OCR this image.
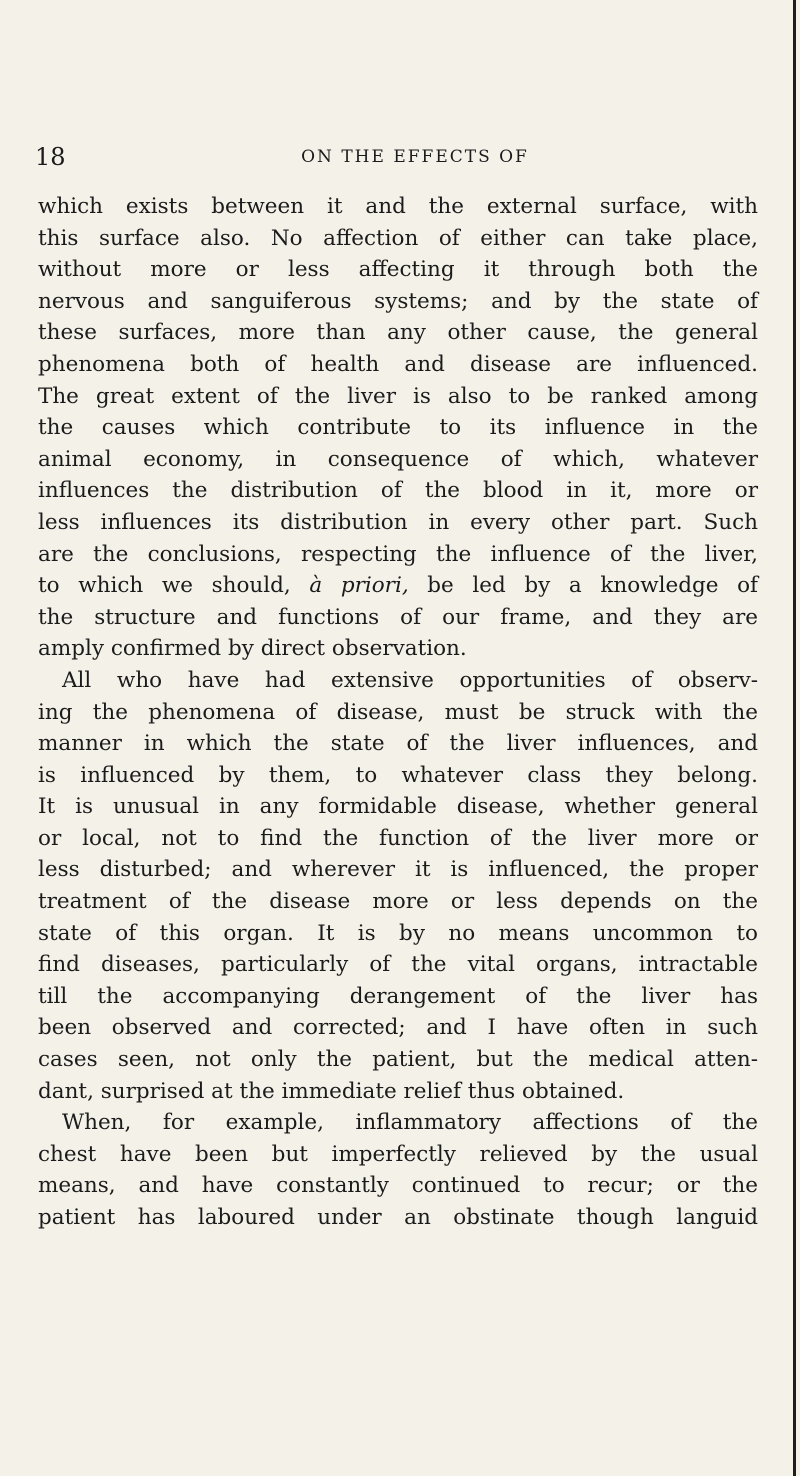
18	ON THE EFFECTS OF
which exists between it and the external surface, with
this surface also. No affection of either can take place,
without more or less affecting it through both the
nervous and sanguiferous systems; and by the state of
these surfaces, more than any other cause, the general
phenomena both of health and disease are influenced.
The great extent of the liver is also to be ranked among
the causes which contribute to its influence in the
animal economy, in consequence of which, whatever
influences the distribution of the blood in it, more or
less influences its distribution in every other part. Such
are the conclusions, respecting the influence of the liver,
to which we should, à priori, be led by a knowledge of
the structure and functions of our frame, and they are
amply confirmed by direct observation.
All who have had extensive opportunities of observ-
ing the phenomena of disease, must be struck with the
manner in which the state of the liver influences, and
is influenced by them, to whatever class they belong.
It is unusual in any formidable disease, whether general
or local, not to find the function of the liver more or
less disturbed; and wherever it is influenced, the proper
treatment of the disease more or less depends on the
state of this organ. It is by no means uncommon to
find diseases, particularly of the vital organs, intractable
till the accompanying derangement of the liver has
been observed and corrected; and I have often in such
cases seen, not only the patient, but the medical atten-
dant, surprised at the immediate relief thus obtained.
When, for example, inflammatory affections of the
chest have been but imperfectly relieved by the usual
means, and have constantly continued to recur; or the
patient has laboured under an obstinate though languid
